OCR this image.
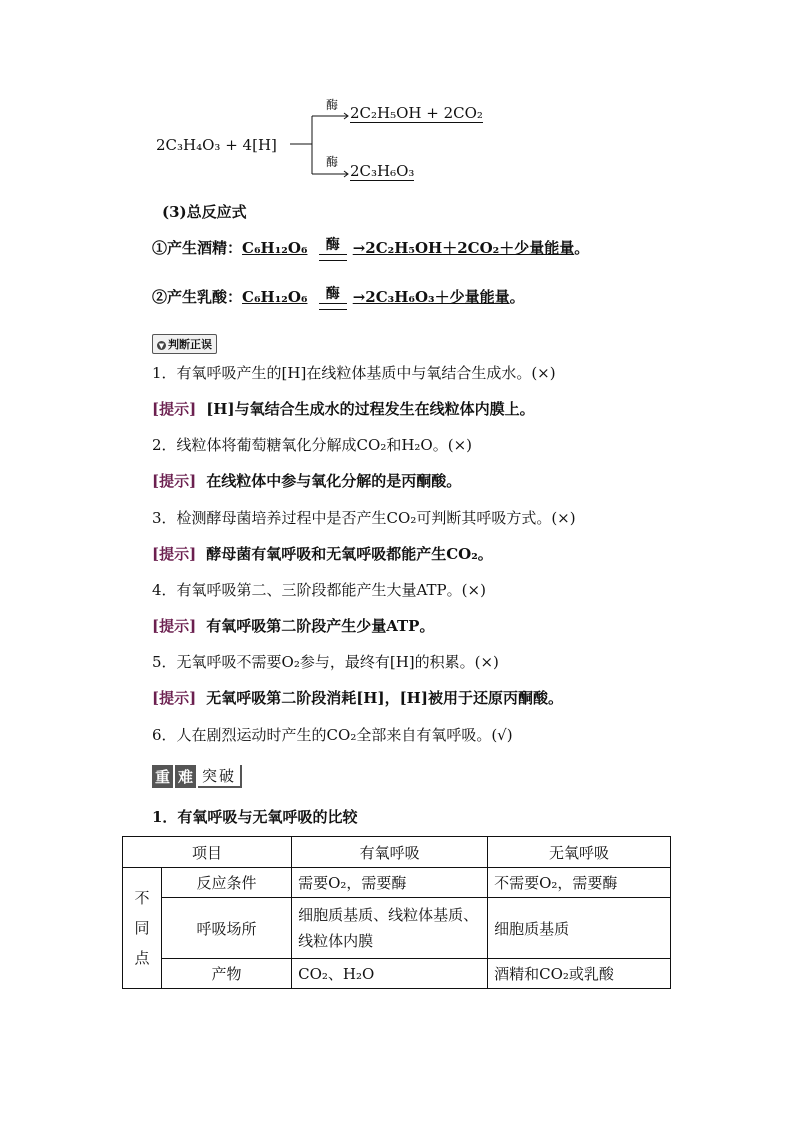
2C₃H₄O₃ + 4[H]
酶
酶
2C₂H₅OH + 2CO₂
2C₃H₆O₃
(3)总反应式
①产生酒精：C₆H₁₂O₆	酶 →2C₂H₅OH＋2CO₂＋少量能量。
②产生乳酸：C₆H₁₂O₆	酶 →2C₃H₆O₃＋少量能量。
▼ 判断正误
1．有氧呼吸产生的[H]在线粒体基质中与氧结合生成水。(×)
[提示] [H]与氧结合生成水的过程发生在线粒体内膜上。
2．线粒体将葡萄糖氧化分解成CO₂和H₂O。(×)
[提示] 在线粒体中参与氧化分解的是丙酮酸。
3．检测酵母菌培养过程中是否产生CO₂可判断其呼吸方式。(×)
[提示] 酵母菌有氧呼吸和无氧呼吸都能产生CO₂。
4．有氧呼吸第二、三阶段都能产生大量ATP。(×)
[提示] 有氧呼吸第二阶段产生少量ATP。
5．无氧呼吸不需要O₂参与，最终有[H]的积累。(×)
[提示] 无氧呼吸第二阶段消耗[H]，[H]被用于还原丙酮酸。
6．人在剧烈运动时产生的CO₂全部来自有氧呼吸。(√)
重 难 突破
1．有氧呼吸与无氧呼吸的比较
项目		有氧呼吸	无氧呼吸
不同点	反应条件	需要O₂，需要酶	不需要O₂，需要酶
	呼吸场所	细胞质基质、线粒体基质、线粒体内膜	细胞质基质
	产物	CO₂、H₂O	酒精和CO₂或乳酸
